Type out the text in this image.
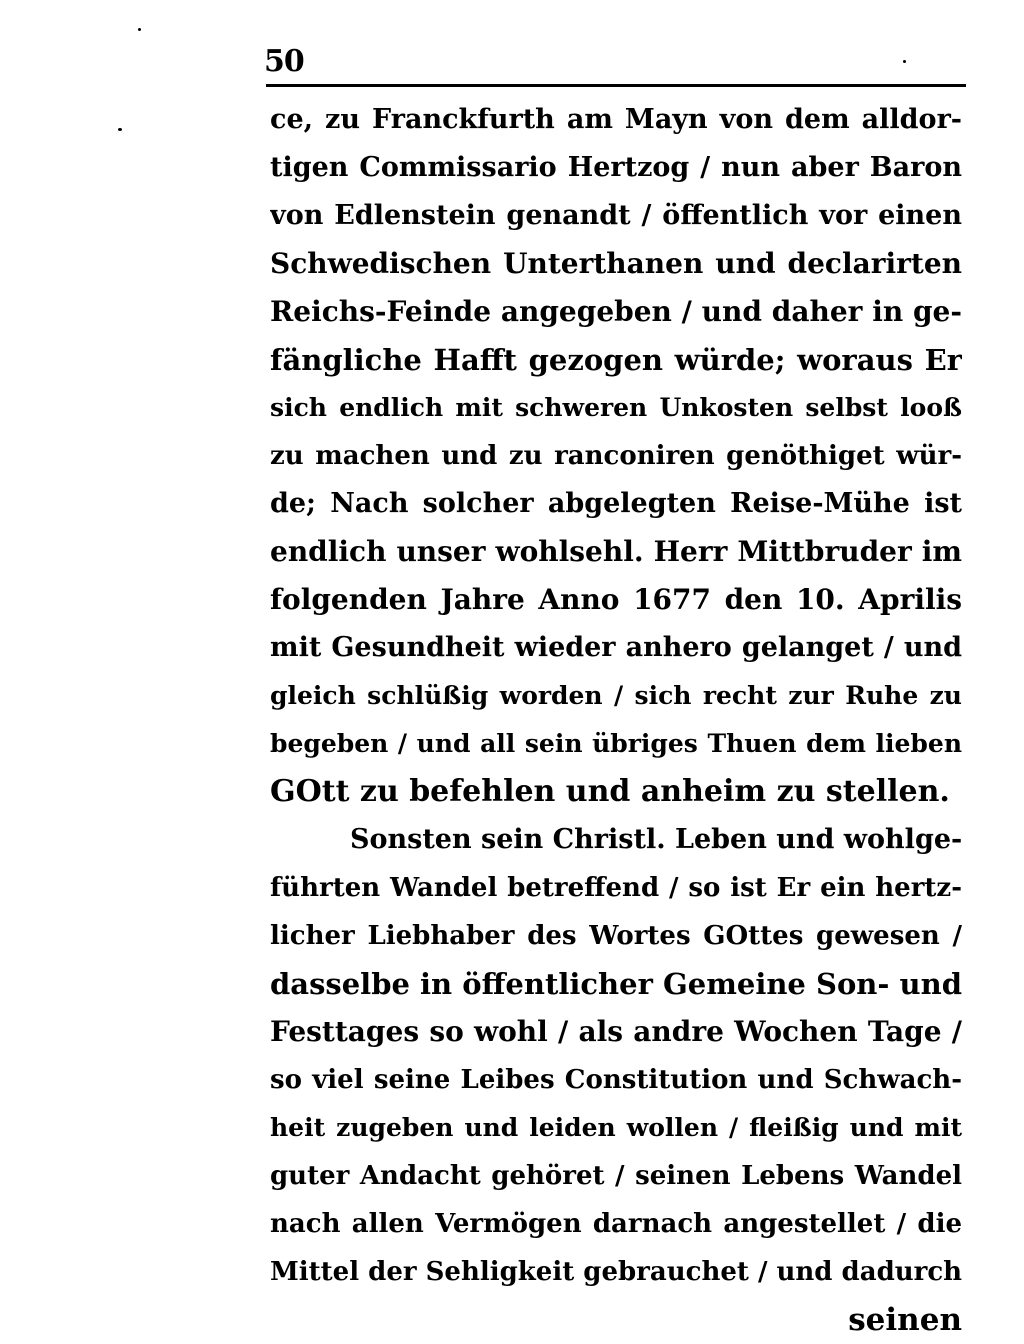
50
ce, zu Franckfurth am Mayn von dem alldor-
tigen Commissario Hertzog / nun aber Baron
von Edlenstein genandt / öffentlich vor einen
Schwedischen Unterthanen und declarirten
Reichs-Feinde angegeben / und daher in ge-
fängliche Hafft gezogen würde; woraus Er
sich endlich mit schweren Unkosten selbst looß
zu machen und zu ranconiren genöthiget wür-
de; Nach solcher abgelegten Reise-Mühe ist
endlich unser wohlsehl. Herr Mittbruder im
folgenden Jahre Anno 1677 den 10. Aprilis
mit Gesundheit wieder anhero gelanget / und
gleich schlüßig worden / sich recht zur Ruhe zu
begeben / und all sein übriges Thuen dem lieben
GOtt zu befehlen und anheim zu stellen.
Sonsten sein Christl. Leben und wohlge-
führten Wandel betreffend / so ist Er ein hertz-
licher Liebhaber des Wortes GOttes gewesen /
dasselbe in öffentlicher Gemeine Son- und
Festtages so wohl / als andre Wochen Tage /
so viel seine Leibes Constitution und Schwach-
heit zugeben und leiden wollen / fleißig und mit
guter Andacht gehöret / seinen Lebens Wandel
nach allen Vermögen darnach angestellet / die
Mittel der Sehligkeit gebrauchet / und dadurch
seinen
